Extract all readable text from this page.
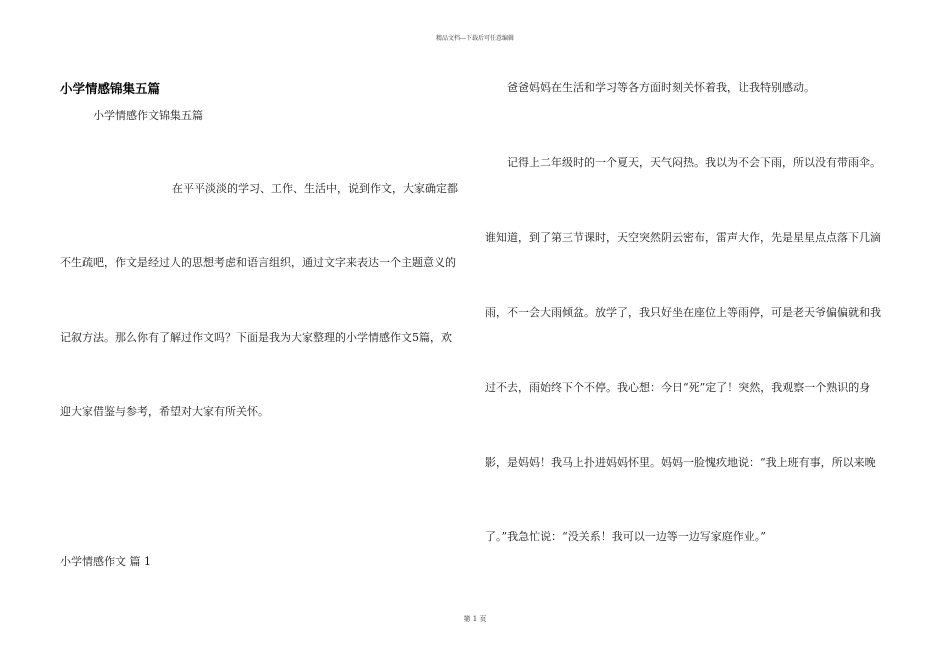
精品文档---下载后可任意编辑
小学情感锦集五篇
小学情感作文锦集五篇
在平平淡淡的学习、工作、生活中，说到作文，大家确定都
不生疏吧，作文是经过人的思想考虑和语言组织，通过文字来表达一个主题意义的
记叙方法。那么你有了解过作文吗？下面是我为大家整理的小学情感作文5篇，欢
迎大家借鉴与参考，希望对大家有所关怀。
小学情感作文 篇 1
爸爸妈妈在生活和学习等各方面时刻关怀着我，让我特别感动。
记得上二年级时的一个夏天，天气闷热。我以为不会下雨，所以没有带雨伞。
谁知道，到了第三节课时，天空突然阴云密布，雷声大作，先是星星点点落下几滴
雨，不一会大雨倾盆。放学了，我只好坐在座位上等雨停，可是老天爷偏偏就和我
过不去，雨始终下个不停。我心想：今日“死”定了！突然，我观察一个熟识的身
影，是妈妈！我马上扑进妈妈怀里。妈妈一脸愧疚地说：“我上班有事，所以来晚
了。”我急忙说：“没关系！我可以一边等一边写家庭作业。”
第 1 页
